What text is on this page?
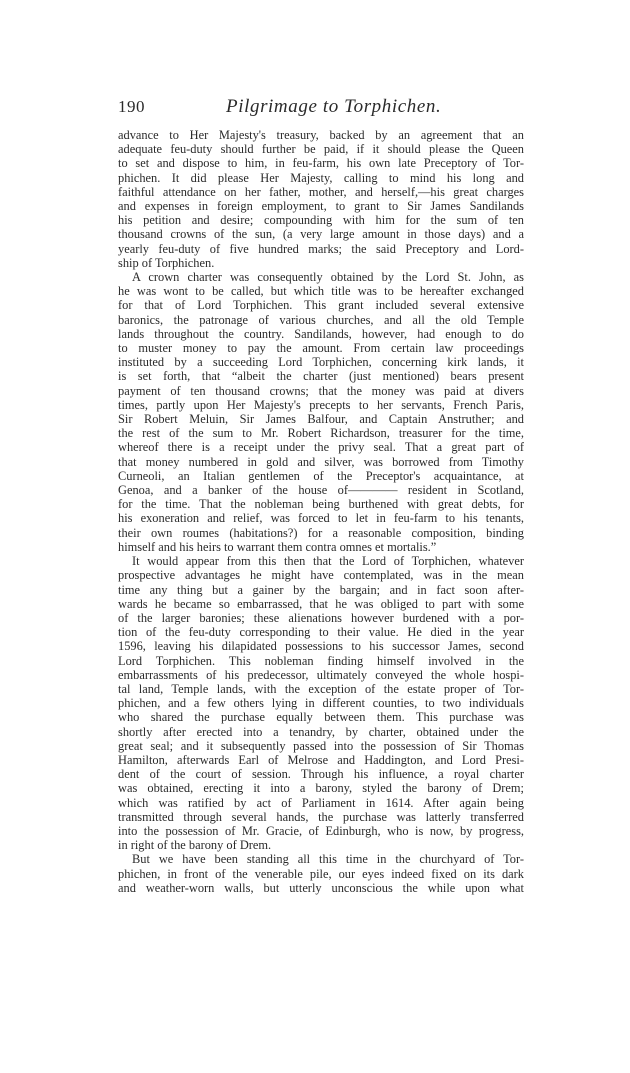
190	Pilgrimage to Torphichen.
advance to Her Majesty's treasury, backed by an agreement that an
adequate feu-duty should further be paid, if it should please the Queen
to set and dispose to him, in feu-farm, his own late Preceptory of Tor-
phichen. It did please Her Majesty, calling to mind his long and
faithful attendance on her father, mother, and herself,—his great charges
and expenses in foreign employment, to grant to Sir James Sandilands
his petition and desire; compounding with him for the sum of ten
thousand crowns of the sun, (a very large amount in those days) and a
yearly feu-duty of five hundred marks; the said Preceptory and Lord-
ship of Torphichen.
A crown charter was consequently obtained by the Lord St. John, as
he was wont to be called, but which title was to be hereafter exchanged
for that of Lord Torphichen. This grant included several extensive
baronics, the patronage of various churches, and all the old Temple
lands throughout the country. Sandilands, however, had enough to do
to muster money to pay the amount. From certain law proceedings
instituted by a succeeding Lord Torphichen, concerning kirk lands, it
is set forth, that “albeit the charter (just mentioned) bears present
payment of ten thousand crowns; that the money was paid at divers
times, partly upon Her Majesty's precepts to her servants, French Paris,
Sir Robert Meluin, Sir James Balfour, and Captain Anstruther; and
the rest of the sum to Mr. Robert Richardson, treasurer for the time,
whereof there is a receipt under the privy seal. That a great part of
that money numbered in gold and silver, was borrowed from Timothy
Curneoli, an Italian gentlemen of the Preceptor's acquaintance, at
Genoa, and a banker of the house of———— resident in Scotland,
for the time. That the nobleman being burthened with great debts, for
his exoneration and relief, was forced to let in feu-farm to his tenants,
their own roumes (habitations?) for a reasonable composition, binding
himself and his heirs to warrant them contra omnes et mortalis.”
It would appear from this then that the Lord of Torphichen, whatever
prospective advantages he might have contemplated, was in the mean
time any thing but a gainer by the bargain; and in fact soon after-
wards he became so embarrassed, that he was obliged to part with some
of the larger baronies; these alienations however burdened with a por-
tion of the feu-duty corresponding to their value. He died in the year
1596, leaving his dilapidated possessions to his successor James, second
Lord Torphichen. This nobleman finding himself involved in the
embarrassments of his predecessor, ultimately conveyed the whole hospi-
tal land, Temple lands, with the exception of the estate proper of Tor-
phichen, and a few others lying in different counties, to two individuals
who shared the purchase equally between them. This purchase was
shortly after erected into a tenandry, by charter, obtained under the
great seal; and it subsequently passed into the possession of Sir Thomas
Hamilton, afterwards Earl of Melrose and Haddington, and Lord Presi-
dent of the court of session. Through his influence, a royal charter
was obtained, erecting it into a barony, styled the barony of Drem;
which was ratified by act of Parliament in 1614. After again being
transmitted through several hands, the purchase was latterly transferred
into the possession of Mr. Gracie, of Edinburgh, who is now, by progress,
in right of the barony of Drem.
But we have been standing all this time in the churchyard of Tor-
phichen, in front of the venerable pile, our eyes indeed fixed on its dark
and weather-worn walls, but utterly unconscious the while upon what
